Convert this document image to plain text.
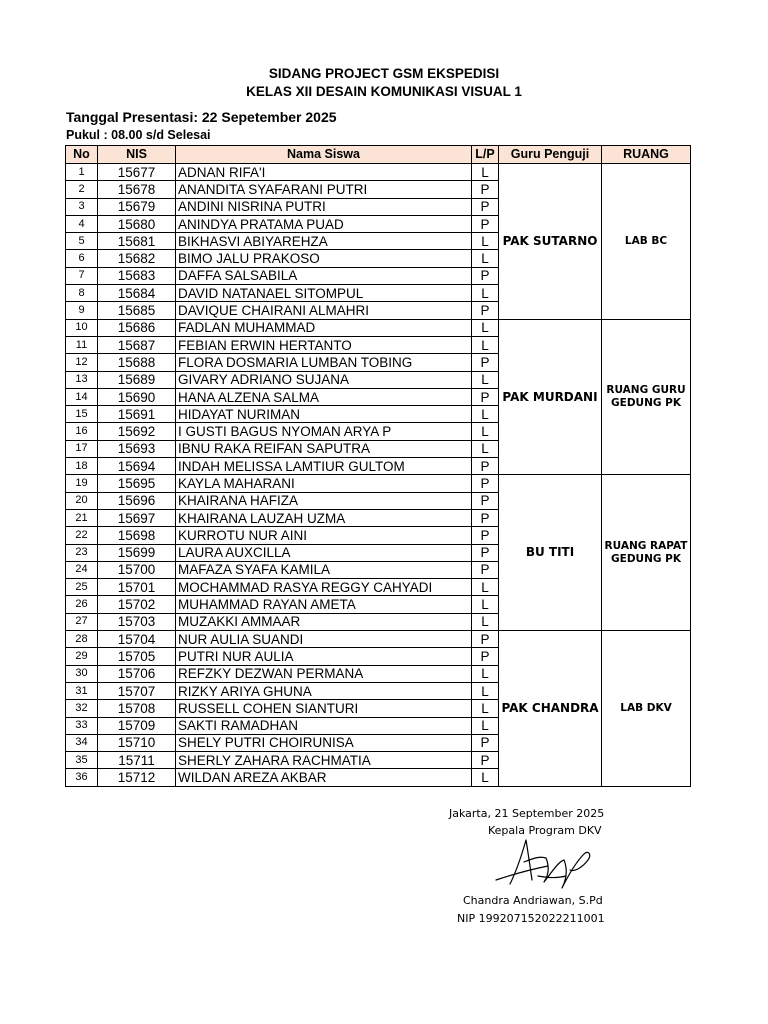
SIDANG PROJECT GSM EKSPEDISI
KELAS XII DESAIN KOMUNIKASI VISUAL 1
Tanggal Presentasi: 22 Sepetember 2025
Pukul : 08.00 s/d Selesai
No	NIS	Nama Siswa	L/P	Guru Penguji	RUANG
1	15677	ADNAN RIFA'I	L	PAK SUTARNO	LAB BC
2	15678	ANANDITA SYAFARANI PUTRI	P		
3	15679	ANDINI NISRINA PUTRI	P		
4	15680	ANINDYA PRATAMA PUAD	P		
5	15681	BIKHASVI ABIYAREHZA	L		
6	15682	BIMO JALU PRAKOSO	L		
7	15683	DAFFA SALSABILA	P		
8	15684	DAVID NATANAEL SITOMPUL	L		
9	15685	DAVIQUE CHAIRANI ALMAHRI	P		
10	15686	FADLAN MUHAMMAD	L	PAK MURDANI	RUANG GURU GEDUNG PK
11	15687	FEBIAN ERWIN HERTANTO	L		
12	15688	FLORA DOSMARIA LUMBAN TOBING	P		
13	15689	GIVARY ADRIANO SUJANA	L		
14	15690	HANA ALZENA SALMA	P		
15	15691	HIDAYAT NURIMAN	L		
16	15692	I GUSTI BAGUS NYOMAN ARYA P	L		
17	15693	IBNU RAKA REIFAN SAPUTRA	L		
18	15694	INDAH MELISSA LAMTIUR GULTOM	P		
19	15695	KAYLA MAHARANI	P	BU TITI	RUANG RAPAT GEDUNG PK
20	15696	KHAIRANA HAFIZA	P		
21	15697	KHAIRANA LAUZAH UZMA	P		
22	15698	KURROTU NUR AINI	P		
23	15699	LAURA AUXCILLA	P		
24	15700	MAFAZA SYAFA KAMILA	P		
25	15701	MOCHAMMAD RASYA REGGY CAHYADI	L		
26	15702	MUHAMMAD RAYAN AMETA	L		
27	15703	MUZAKKI AMMAAR	L		
28	15704	NUR AULIA SUANDI	P	PAK CHANDRA	LAB DKV
29	15705	PUTRI NUR AULIA	P		
30	15706	REFZKY DEZWAN PERMANA	L		
31	15707	RIZKY ARIYA GHUNA	L		
32	15708	RUSSELL COHEN SIANTURI	L		
33	15709	SAKTI RAMADHAN	L		
34	15710	SHELY PUTRI CHOIRUNISA	P		
35	15711	SHERLY ZAHARA RACHMATIA	P		
36	15712	WILDAN AREZA AKBAR	L		
Jakarta, 21 September 2025
Kepala Program DKV
Chandra Andriawan, S.Pd
NIP 199207152022211001
